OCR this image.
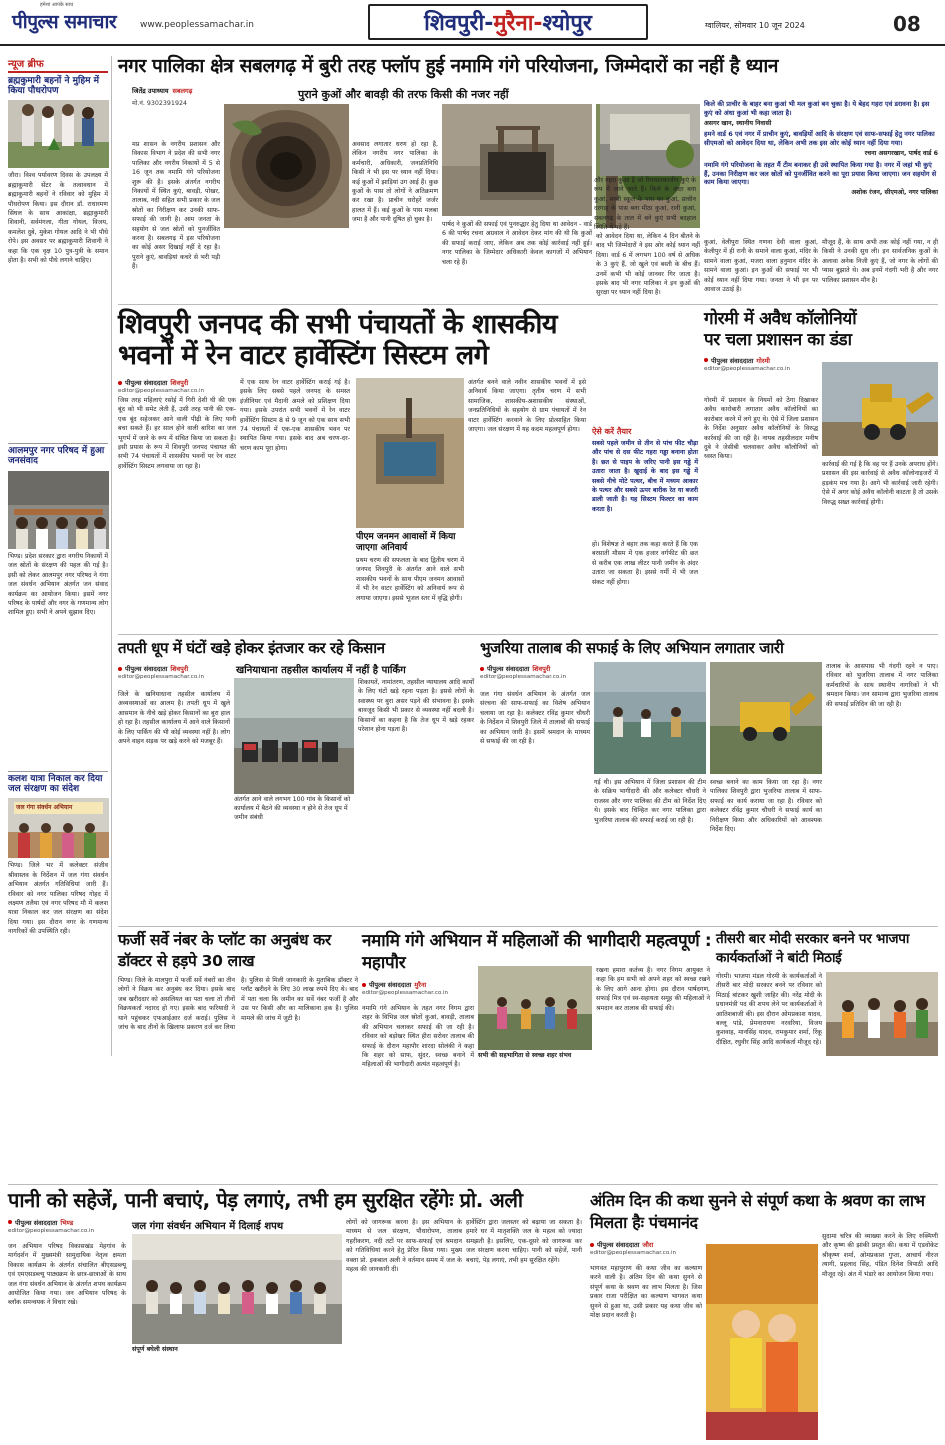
हमेशा आपके साथ
पीपुल्स समाचार	www.peoplessamachar.in	शिवपुरी- मुरैना- श्योपुर	ग्वालियर, सोमवार 10 जून 2024	08
न्यूज ब्रीफ
ब्रह्मकुमारी बहनों ने मुहिम में किया पौधरोपण
जौरा। विश्व पर्यावरण दिवस के उपलक्ष्य में ब्रह्माकुमारी सेंटर के तत्वावधान में ब्रह्माकुमारी बहनों ने रविवार को मुहिम में पौधरोपण किया। इस दौरान डॉ. राधारमण सिंघल के साथ आकांक्षा, ब्रह्माकुमारी शिवानी, सर्वमंगला, गीता गोयल, विजय, कमलेश दुबे, मुकेश गोयल आदि ने भी पौधे रोपे। इस अवसर पर ब्रह्माकुमारी शिवानी ने कहा कि एक वृक्ष 10 पुत्र-पुत्री के समान होता है। सभी को पौधे लगाने चाहिए।
आलमपुर नगर परिषद में हुआ जनसंवाद
भिण्ड। प्रदेश सरकार द्वारा नगरीय निकायों में जल स्रोतों के संरक्षण की पहल की गई है। इसी को लेकर आलमपुर नगर परिषद ने गंगा जल संवर्धन अभियान अंतर्गत जन संवाद कार्यक्रम का आयोजन किया। इसमें नगर परिषद के पार्षदों और नगर के गणमान्य लोग शामिल हुए। सभी ने अपने सुझाव दिए।
कलश यात्रा निकाल कर दिया जल संरक्षण का संदेश
जल गंगा संवर्धन अभियान
भिण्ड। जिले भर में कलेक्टर संजीव श्रीवास्तव के निर्देशन में जल गंगा संवर्धन अभियान अंतर्गत गतिविधियां जारी हैं। रविवार को नगर पालिका परिषद गोहद में लक्ष्मण तलैया एवं नगर परिषद मौ में कलश यात्रा निकाल कर जल संरक्षण का संदेश दिया गया। इस दौरान नगर के गणमान्य नागरिकों की उपस्थिति रही।
नगर पालिका क्षेत्र सबलगढ़ में बुरी तरह फ्लॉप हुई नमामि गंगे परियोजना, जिम्मेदारों का नहीं है ध्यान
जितेंद्र उपाध्याय सबलगढ़
मो.नं. 9302391924
पुराने कुओं और बावड़ी की तरफ किसी की नजर नहीं
मप्र शासन के नगरीय प्रशासन और विकास विभाग ने प्रदेश की सभी नगर पालिका और नगरीय निकायों में 5 से 16 जून तक नमामि गंगे परियोजना शुरू की है। इसके अंतर्गत नगरीय निकायों में स्थित कुएं, बावड़ी, पोखर, तालाब, नदी सहित सभी प्रकार के जल स्रोतों का निरीक्षण कर उनकी साफ-सफाई की जानी है। आम जनता के सहयोग से जल स्रोतों को पुनर्जीवित करना है। सबलगढ़ में इस परियोजना का कोई असर दिखाई नहीं दे रहा है। पुराने कुएं, बावड़ियां कचरे से भरी पड़ी हैं।
अवसाद लगातार धरण हो रहा है, लेकिन नगरीय नगर पालिका के कर्मचारी, अधिकारी, जनप्रतिनिधि किसी ने भी इस पर ध्यान नहीं दिया। कई कुओं में झाड़ियां उग आई हैं। कुछ कुओं के पास तो लोगों ने अतिक्रमण कर रखा है। प्राचीन धरोहरें जर्जर हालत में हैं। कई कुओं के पास मलबा जमा है और पानी दूषित हो चुका है।
पार्षद ने कुओं की सफाई एवं पुनरुद्धार हेतु दिया था आवेदन - वार्ड 6 की पार्षद रचना अग्रवाल ने आवेदन देकर मांग की थी कि कुओं की सफाई कराई जाए, लेकिन अब तक कोई कार्रवाई नहीं हुई। नगर पालिका के जिम्मेदार अधिकारी केवल कागजों में अभियान चला रहे हैं।
को आवेदन दिया था, लेकिन 4 दिन बीतने के बाद भी जिम्मेदारों ने इस ओर कोई ध्यान नहीं दिया। वार्ड 6 में लगभग 100 वर्ष से अधिक के 3 कुएं हैं, जो खुले एवं बस्ती के बीच हैं। उनमें कभी भी कोई जानवर गिर जाता है। इसके बाद भी नगर पालिका ने इन कुओं की सुरक्षा पर ध्यान नहीं दिया है।
और गहरा कुआं है जो रियासतकालीन कुएं के रूप में जाने जाते हैं। किले के अंदर बना कुआं, बस्ती स्कूल के पास का कुआं, प्राचीन दरगाह के पास बना मीठा कुआं, रानी कुआं, सबलगढ़ के ताल में बने कुएं सभी बदहाल स्थिति में पड़े हैं।
किले की प्राचीर के बाहर बना कुआं भी मल कुआं बन चुका है। ये बेहद गहरा एवं डरावना है। इस कुएं को अंधा कुआं भी कहा जाता है।
असगर खान, स्थानीय निवासी
हमने वार्ड 6 एवं नगर में प्राचीन कुएं, बावड़ियों आदि के संरक्षण एवं साफ-सफाई हेतु नगर पालिका सीएमओ को आवेदन दिया था, लेकिन अभी तक इस ओर कोई ध्यान नहीं दिया गया।
रचना असगरखान, पार्षद वार्ड 6
नमामि गंगे परियोजना के तहत मैं टीम बनाकर ही उसे स्थापित किया गया है। नगर में जहां भी कुएं हैं, उनका निरीक्षण कर जल स्रोतों को पुनर्जीवित करने का पूरा प्रयास किया जाएगा। जन सहयोग से काम किया जाएगा।
अशोक रंजन, सीएमओ, नगर पालिका
कुआं, वेलीपुरा स्थित गणना देवी वाला कुआं, केलीपुर में ही रानी के समाने वाला कुआं, मंदिर के सामने वाला कुआं, मजरा वाला हनुमान मंदिर के सामने वाला कुआं। इन कुओं की सफाई पर भी कोई ध्यान नहीं दिया गया। जनता ने भी इन पर आवाज उठाई है।
मौजूद हैं, के साथ अभी तक कोई नहीं गया, न ही किसी ने उनकी सुध ली। इन सार्वजनिक कुओं के अलावा अनेक निजी कुएं हैं, जो नगर के लोगों की प्यास बुझाते थे। अब इनमें गंदगी भरी है और नगर पालिका प्रशासन मौन है।
शिवपुरी जनपद की सभी पंचायतों के शासकीय
भवनों में रेन वाटर हार्वेस्टिंग सिस्टम लगे
ऐसे करें तैयार
सबसे पहले जमीन से तीन से पांच फीट चौड़ा और पांच से दस फीट गहरा गड्ढा बनाना होता है। छत से पाइप के जरिए पानी इस गड्ढे में उतारा जाता है। खुदाई के बाद इस गड्ढे में सबसे नीचे मोटे पत्थर, बीच में मध्यम आकार के पत्थर और सबसे ऊपर बारीक रेत या बजरी डाली जाती है। यह सिस्टम फिल्टर का काम करता है।
पीपुल्स संवाददाता शिवपुरी
editor@peoplessamachar.co.in
जिस तरह महिलाएं रसोई में गिरी देशी घी की एक बूंद को भी समेट लेती हैं, उसी तरह पानी की एक-एक बूंद सहेजकर आने वाली पीढ़ी के लिए पानी बचा सकते हैं। हर साल होने वाली बारिश का जल भूगर्भ में जाने के रूप में संचित किया जा सकता है। इसी प्रयास के रूप में शिवपुरी जनपद पंचायत की सभी 74 पंचायतों में शासकीय भवनों पर रेन वाटर हार्वेस्टिंग सिस्टम लगवाया जा रहा है।
में एक साथ रेन वाटर हार्वेस्टिंग कराई गई है। इसके लिए सबसे पहले जनपद के समस्त इंजीनियर एवं मैदानी अमले को प्रशिक्षण दिया गया। इसके उपरांत सभी भवनों में रेन वाटर हार्वेस्टिंग सिस्टम 8 से 9 जून को एक साथ सभी 74 पंचायतों में एक-एक शासकीय भवन पर स्थापित किया गया। इसके बाद अब चरण-दर-चरण काम पूरा होगा।
पीएम जनमन आवासों में किया जाएगा अनिवार्य
प्रथम चरण की सफलता के बाद द्वितीय चरण में जनपद शिवपुरी के अंतर्गत आने वाले सभी शासकीय भवनों के साथ पीएम जनमन आवासों में भी रेन वाटर हार्वेस्टिंग को अनिवार्य रूप से लगाया जाएगा। इससे भूजल स्तर में वृद्धि होगी।
अंतर्गत बनने वाले नवीन शासकीय भवनों में इसे अनिवार्य किया जाएगा। तृतीय चरण में सभी सामाजिक, शासकीय-अशासकीय संस्थाओं, जनप्रतिनिधियों के सहयोग से ग्राम पंचायतों में रेन वाटर हार्वेस्टिंग करवाने के लिए प्रोत्साहित किया जाएगा। जल संरक्षण में यह कदम महत्वपूर्ण होगा।
हो। विशेषज्ञ ते बहार तक कहा करते हैं कि एक बरसाती मौसम में एक हजार वर्गफीट की छत से करीब एक लाख लीटर पानी जमीन के अंदर उतारा जा सकता है। इससे गर्मी में भी जल संकट नहीं होगा।
गोरमी में अवैध कॉलोनियों
पर चला प्रशासन का डंडा
पीपुल्स संवाददाता गोरमी
editor@peoplessamachar.co.in
गोरमी में प्रशासन के नियमों को ठेंगा दिखाकर अवैध कारोबारी लगातार अवैध कॉलोनियों का कारोबार करने में लगे हुए थे। ऐसे में जिला प्रशासन के निर्देश अनुसार अवैध कॉलोनियों के विरुद्ध कार्रवाई की जा रही है। नायब तहसीलदार मनीष दुबे ने जेसीबी चलवाकर अवैध कॉलोनियों को ध्वस्त किया।
कार्रवाई की गई है कि वह पर हैं उनके अपराध होंगे। प्रशासन की इस कार्रवाई से अवैध कॉलोनाइजरों में हड़कंप मच गया है। आगे भी कार्रवाई जारी रहेगी। ऐसे में अगर कोई अवैध कॉलोनी काटता है तो उसके विरुद्ध सख्त कार्रवाई होगी।
तपती धूप में घंटों खड़े होकर इंतजार कर रहे किसान
पीपुल्स संवाददाता शिवपुरी
editor@peoplessamachar.co.in
खनियाधाना तहसील कार्यालय में नहीं है पार्किंग
जिले के खनियाधाना तहसील कार्यालय में अव्यवस्थाओं का आलम है। तपती धूप में खुले आसमान के नीचे खड़े होकर किसानों का बुरा हाल हो रहा है। तहसील कार्यालय में आने वाले किसानों के लिए पार्किंग की भी कोई व्यवस्था नहीं है। लोग अपने वाहन सड़क पर खड़े करने को मजबूर हैं।
अंतर्गत आने वाले लगभग 100 गांव के किसानों को कार्यालय में बैठने की व्यवस्था न होने से तेज धूप में जमीन संबंधी
शिकायतें, नामांतरण, तहसील न्यायालय आदि कार्यों के लिए घंटों खड़े रहना पड़ता है। इससे लोगों के स्वास्थ्य पर बुरा असर पड़ने की संभावना है। इसके बावजूद किसी भी प्रकार से व्यवस्था नहीं बदली है। किसानों का कहना है कि तेज धूप में खड़े रहकर परेशान होना पड़ता है।
भुजरिया तालाब की सफाई के लिए अभियान लगातार जारी
पीपुल्स संवाददाता शिवपुरी
editor@peoplessamachar.co.in
जल गंगा संवर्धन अभियान के अंतर्गत जल संरचना की साफ-सफाई का विशेष अभियान चलाया जा रहा है। कलेक्टर रविंद्र कुमार चौधरी के निर्देशन में शिवपुरी जिले में तालाबों की सफाई का अभियान जारी है। इसमें श्रमदान के माध्यम से सफाई की जा रही है।
गई थी। इस अभियान में जिला प्रशासन की टीम के सक्रिय भागीदारी की और कलेक्टर चौधरी ने राजस्व और नगर पालिका की टीम को निर्देश दिए थे। इसके बाद चिन्हित कर नगर पालिका द्वारा भुजरिया तालाब की सफाई कराई जा रही है।
स्वच्छ बनाने का काम किया जा रहा है। नगर पालिका शिवपुरी द्वारा भुजरिया तालाब में साफ-सफाई का कार्य कराया जा रहा है। रविवार को कलेक्टर रविंद्र कुमार चौधरी ने सफाई कार्य का निरीक्षण किया और अधिकारियों को आवश्यक निर्देश दिए।
तालाब के आसपास भी गंदगी रहने न पाए। रविवार को भुजरिया तालाब में नगर पालिका कर्मचारियों के साथ स्थानीय नागरिकों ने भी श्रमदान किया। जन सामान्य द्वारा भुजरिया तालाब की सफाई प्रतिदिन की जा रही है।
फर्जी सर्वे नंबर के प्लॉट का अनुबंध कर डॉक्टर से हड़पे 30 लाख
भिण्ड। जिले के मालपुरा में फर्जी सर्वे नंबरों का तीन लोगों ने विक्रय कर अनुबंध कर दिया। इसके बाद जब खरीददार को असलियत का पता चला तो तीनों विक्रयकर्ता नदारद हो गए। इसके बाद फरियादी ने थाने पहुंचकर एफआईआर दर्ज कराई। पुलिस ने जांच के बाद तीनों के खिलाफ प्रकरण दर्ज कर लिया है। पुलिस से मिली जानकारी के मुताबिक डॉक्टर ने प्लॉट खरीदने के लिए 30 लाख रुपये दिए थे। बाद में पता चला कि जमीन का सर्वे नंबर फर्जी है और उस पर किसी और का मालिकाना हक है। पुलिस मामले की जांच में जुटी है।
नमामि गंगे अभियान में महिलाओं की भागीदारी महत्वपूर्ण : महापौर
पीपुल्स संवाददाता मुरैना
editor@peoplessamachar.co.in
नमामि गंगे अभियान के तहत नगर निगम द्वारा शहर के विभिन्न जल स्रोतों कुआं, बावड़ी, तालाब की अभियान चलाकर सफाई की जा रही है। रविवार को बड़ोखर स्थित हीरा सरोवर तालाब की सफाई के दौरान महापौर शारदा सोलंकी ने कहा कि शहर को साफ, सुंदर, स्वच्छ बनाने में महिलाओं की भागीदारी अत्यंत महत्वपूर्ण है।
सभी की सहभागिता से स्वच्छ शहर संभव
रखना हमारा कर्तव्य है। नगर निगम आयुक्त ने कहा कि हम सभी को अपने शहर को स्वच्छ रखने के लिए आगे आना होगा। इस दौरान पार्षदगण, सफाई मित्र एवं स्व-सहायता समूह की महिलाओं ने श्रमदान कर तालाब की सफाई की।
तीसरी बार मोदी सरकार बनने पर भाजपा कार्यकर्ताओं ने बांटी मिठाई
गोरमी। भाजपा मंडल गोरमी के कार्यकर्ताओं ने तीसरी बार मोदी सरकार बनने पर रविवार को मिठाई बांटकर खुशी जाहिर की। नरेंद्र मोदी के प्रधानमंत्री पद की शपथ लेने पर कार्यकर्ताओं ने आतिशबाजी की। इस दौरान ओमप्रकाश यादव, बल्लू पांडे, प्रेमनारायण नरवरिया, विजय कुशवाह, मानसिंह यादव, रामकुमार शर्मा, रिंकू दीक्षित, रघुवीर सिंह आदि कार्यकर्ता मौजूद रहे।
पानी को सहेजें, पानी बचाएं, पेड़ लगाएं, तभी हम सुरक्षित रहेंगेः प्रो. अली
पीपुल्स संवाददाता भिण्ड
editor@peoplessamachar.co.in	जल गंगा संवर्धन अभियान में दिलाई शपथ
जन अभियान परिषद विकासखंड मेहगांव के मार्गदर्शन में मुख्यमंत्री सामुदायिक नेतृत्व क्षमता विकास कार्यक्रम के अंतर्गत संचालित बीएसडब्ल्यू एवं एमएसडब्ल्यू पाठ्यक्रम के छात्र-छात्राओं के साथ जल गंगा संवर्धन अभियान के अंतर्गत शपथ कार्यक्रम आयोजित किया गया। जन अभियान परिषद के ब्लॉक समन्वयक ने विचार रखे।
संपूर्ण बघेली संस्थान
लोगों को जागरूक करना है। इस अभियान के माध्यम से जल संरक्षण, पौधारोपण, तालाब गहरीकरण, नदी तटों पर साफ-सफाई एवं श्रमदान को गतिविधियां करने हेतु प्रेरित किया गया। मुख्य वक्ता प्रो. इकबाल अली ने वर्तमान समय में जल के महत्व की जानकारी दी।
हार्वेस्टिंग द्वारा जलस्तर को बढ़ाया जा सकता है। हमारे घर में मातृशक्ति जल के महत्व को ज्यादा समझती है। इसलिए, एक-दूसरे को जागरूक कर जल संरक्षण करना चाहिए। पानी को सहेजें, पानी बचाएं, पेड़ लगाएं, तभी हम सुरक्षित रहेंगे।
अंतिम दिन की कथा सुनने से संपूर्ण कथा के श्रवण का लाभ मिलता हैः पंचमानंद
पीपुल्स संवाददाता जौरा
editor@peoplessamachar.co.in
भागवत महापुराण की कथा जीव का कल्याण करने वाली है। अंतिम दिन की कथा सुनने से संपूर्ण कथा के श्रवण का लाभ मिलता है। जिस प्रकार राजा परीक्षित का कल्याण भागवत कथा सुनने से हुआ था, उसी प्रकार यह कथा जीव को मोक्ष प्रदान करती है।
सुदामा चरित्र की व्याख्या करने के लिए रुक्मिणी और कृष्ण की झांकी प्रस्तुत की। कथा में एडवोकेट श्रीकृष्ण शर्मा, ओमप्रकाश गुप्ता, आचार्य नीरज त्यागी, प्रहलाद सिंह, पंडित दिनेश त्रिपाठी आदि मौजूद रहे। अंत में भंडारे का आयोजन किया गया।
